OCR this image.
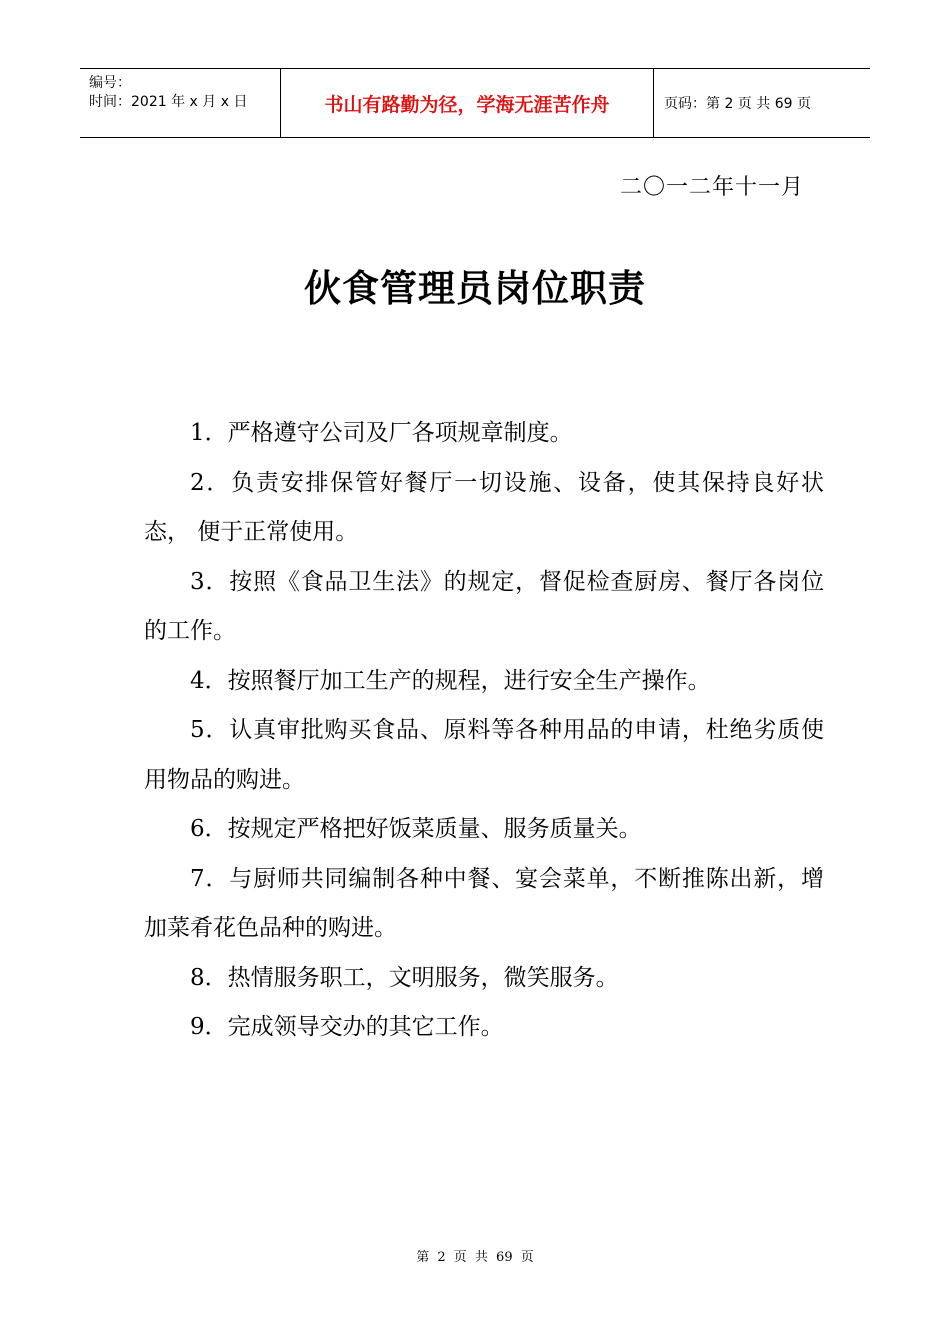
编号：
时间：2021 年 x 月 x 日	书山有路勤为径，学海无涯苦作舟	页码：第 2 页 共 69 页
二〇一二年十一月
伙食管理员岗位职责

1．严格遵守公司及厂各项规章制度。

2．负责安排保管好餐厅一切设施、设备，使其保持良好状态， 便于正常使用。

3．按照《食品卫生法》的规定，督促检查厨房、餐厅各岗位的工作。

4．按照餐厅加工生产的规程，进行安全生产操作。

5．认真审批购买食品、原料等各种用品的申请，杜绝劣质使用物品的购进。

6．按规定严格把好饭菜质量、服务质量关。

7．与厨师共同编制各种中餐、宴会菜单，不断推陈出新，增加菜肴花色品种的购进。

8．热情服务职工，文明服务，微笑服务。

9．完成领导交办的其它工作。

第 2 页 共 69 页
